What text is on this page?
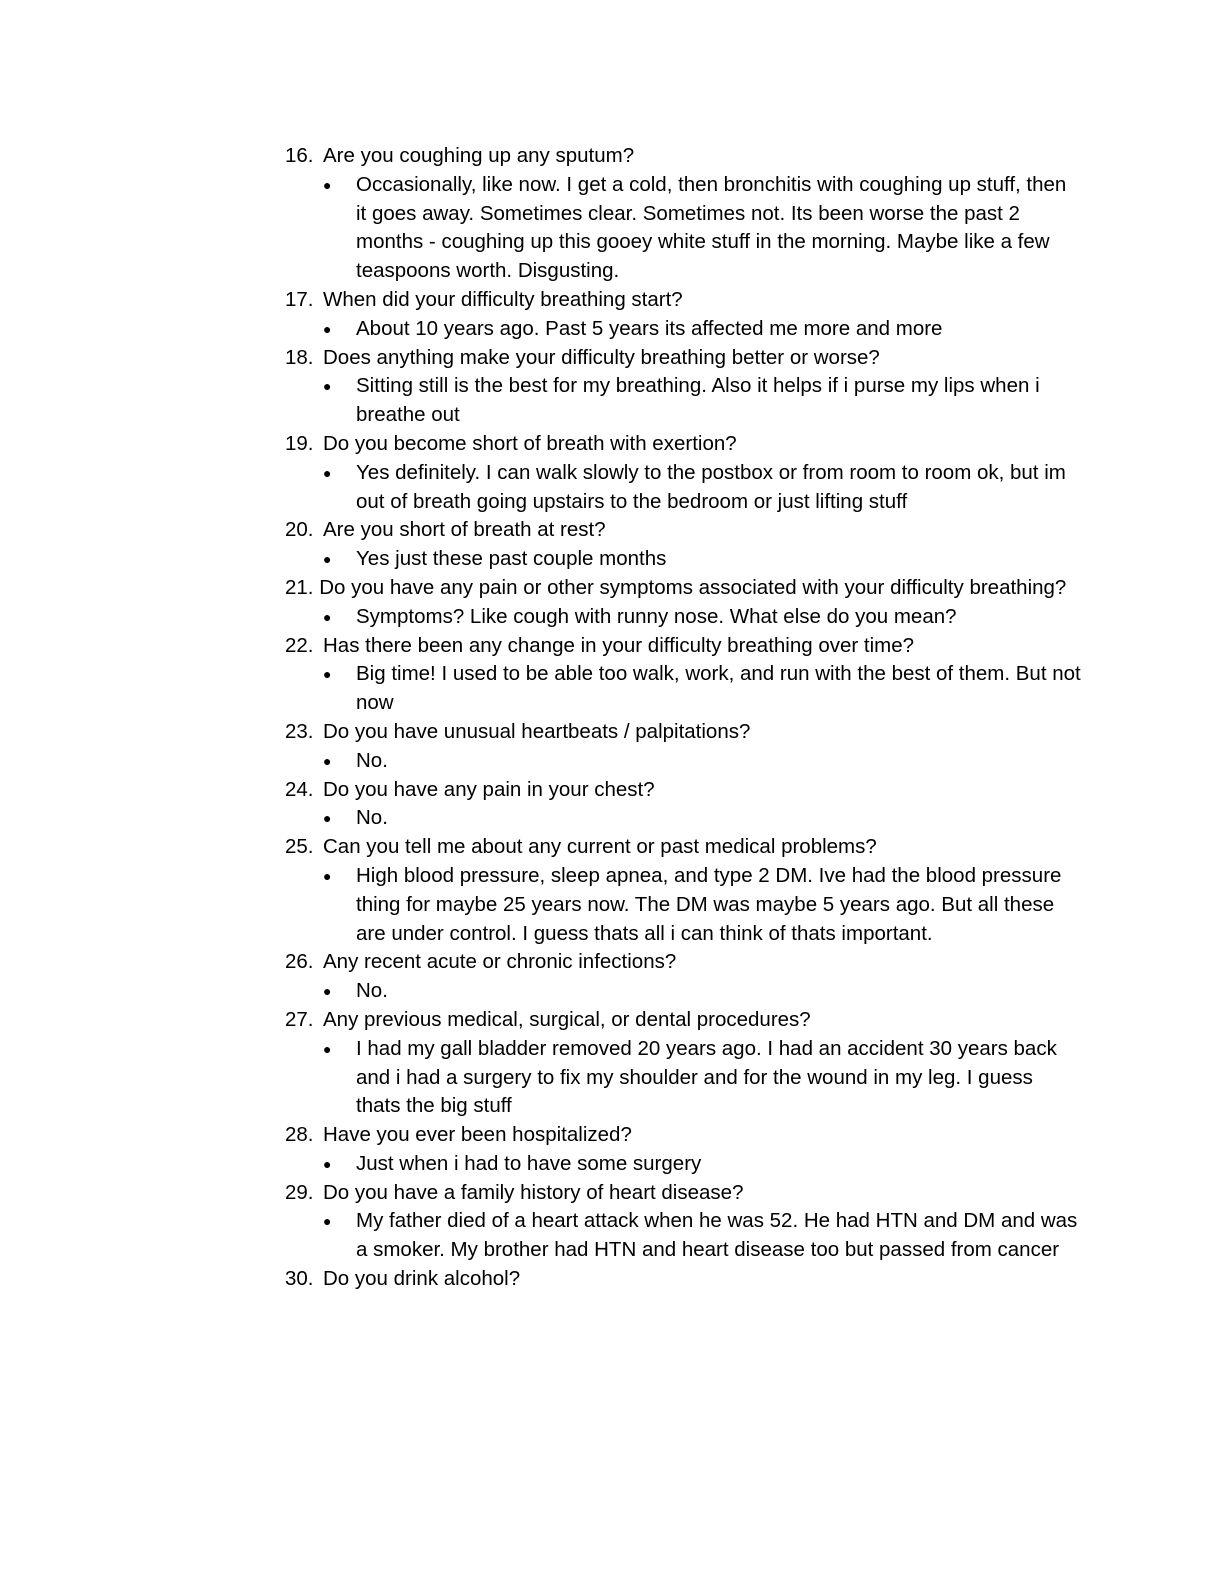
16. Are you coughing up any sputum?
●	Occasionally, like now. I get a cold, then bronchitis with coughing up stuff, then it goes away. Sometimes clear. Sometimes not. Its been worse the past 2 months - coughing up this gooey white stuff in the morning. Maybe like a few teaspoons worth. Disgusting.
17. When did your difficulty breathing start?
●	About 10 years ago. Past 5 years its affected me more and more
18. Does anything make your difficulty breathing better or worse?
●	Sitting still is the best for my breathing. Also it helps if i purse my lips when i breathe out
19. Do you become short of breath with exertion?
●	Yes definitely. I can walk slowly to the postbox or from room to room ok, but im out of breath going upstairs to the bedroom or just lifting stuff
20. Are you short of breath at rest?
●	Yes just these past couple months
21. Do you have any pain or other symptoms associated with your difficulty breathing?
●	Symptoms? Like cough with runny nose. What else do you mean?
22. Has there been any change in your difficulty breathing over time?
●	Big time! I used to be able too walk, work, and run with the best of them. But not now
23. Do you have unusual heartbeats / palpitations?
●	No.
24. Do you have any pain in your chest?
●	No.
25. Can you tell me about any current or past medical problems?
●	High blood pressure, sleep apnea, and type 2 DM. Ive had the blood pressure thing for maybe 25 years now. The DM was maybe 5 years ago. But all these are under control. I guess thats all i can think of thats important.
26. Any recent acute or chronic infections?
●	No.
27. Any previous medical, surgical, or dental procedures?
●	I had my gall bladder removed 20 years ago. I had an accident 30 years back and i had a surgery to fix my shoulder and for the wound in my leg. I guess thats the big stuff
28. Have you ever been hospitalized?
●	Just when i had to have some surgery
29. Do you have a family history of heart disease?
●	My father died of a heart attack when he was 52. He had HTN and DM and was a smoker. My brother had HTN and heart disease too but passed from cancer
30. Do you drink alcohol?
